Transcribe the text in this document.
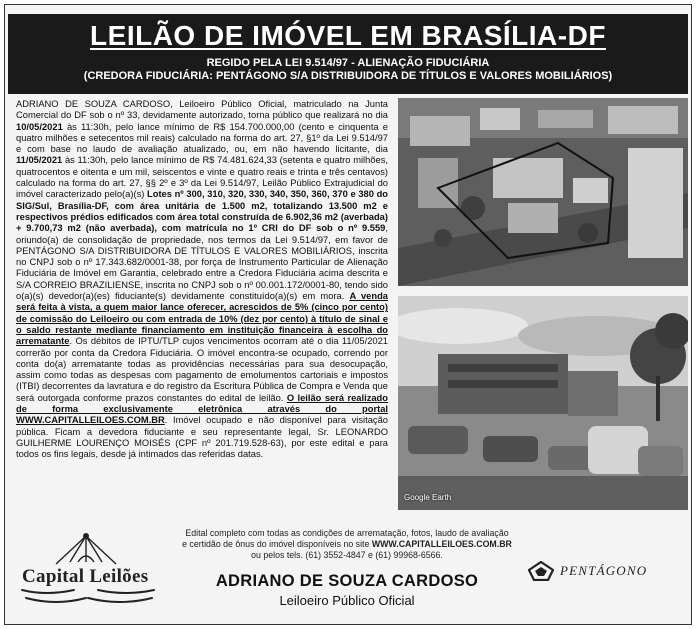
LEILÃO DE IMÓVEL EM BRASÍLIA-DF
REGIDO PELA LEI 9.514/97 - ALIENAÇÃO FIDUCIÁRIA
(CREDORA FIDUCIÁRIA: PENTÁGONO S/A DISTRIBUIDORA DE TÍTULOS E VALORES MOBILIÁRIOS)
ADRIANO DE SOUZA CARDOSO, Leiloeiro Público Oficial, matriculado na Junta Comercial do DF sob o nº 33, devidamente autorizado, torna público que realizará no dia 10/05/2021 às 11:30h, pelo lance mínimo de R$ 154.700.000,00 (cento e cinquenta e quatro milhões e setecentos mil reais) calculado na forma do art. 27, §1º da Lei 9.514/97 e com base no laudo de avaliação atualizado, ou, em não havendo licitante, dia 11/05/2021 às 11:30h, pelo lance mínimo de R$ 74.481.624,33 (setenta e quatro milhões, quatrocentos e oitenta e um mil, seiscentos e vinte e quatro reais e trinta e três centavos) calculado na forma do art. 27, §§ 2º e 3º da Lei 9.514/97, Leilão Público Extrajudicial do imóvel caracterizado pelo(a)(s) Lotes nº 300, 310, 320, 330, 340, 350, 360, 370 e 380 do SIG/Sul, Brasília-DF, com área unitária de 1.500 m2, totalizando 13.500 m2 e respectivos prédios edificados com área total construída de 6.902,36 m2 (averbada) + 9.700,73 m2 (não averbada), com matrícula no 1º CRI do DF sob o nº 9.559, oriundo(a) de consolidação de propriedade, nos termos da Lei 9.514/97, em favor de PENTÁGONO S/A DISTRIBUIDORA DE TÍTULOS E VALORES MOBILIÁRIOS, inscrita no CNPJ sob o nº 17.343.682/0001-38, por força de Instrumento Particular de Alienação Fiduciária de Imóvel em Garantia, celebrado entre a Credora Fiduciária acima descrita e S/A CORREIO BRAZILIENSE, inscrita no CNPJ sob o nº 00.001.172/0001-80, tendo sido o(a)(s) devedor(a)(es) fiduciante(s) devidamente constituído(a)(s) em mora. A venda será feita à vista, a quem maior lance oferecer, acrescidos de 5% (cinco por cento) de comissão do Leiloeiro ou com entrada de 10% (dez por cento) à título de sinal e o saldo restante mediante financiamento em instituição financeira à escolha do arrematante. Os débitos de IPTU/TLP cujos vencimentos ocorram até o dia 11/05/2021 correrão por conta da Credora Fiduciária. O imóvel encontra-se ocupado, correndo por conta do(a) arrematante todas as providências necessárias para sua desocupação, assim como todas as despesas com pagamento de emolumentos cartoriais e impostos (ITBI) decorrentes da lavratura e do registro da Escritura Pública de Compra e Venda que será outorgada conforme prazos constantes do edital de leilão. O leilão será realizado de forma exclusivamente eletrônica através do portal WWW.CAPITALLEILOES.COM.BR. Imóvel ocupado e não disponível para visitação pública. Ficam a devedora fiduciante e seu representante legal, Sr. LEONARDO GUILHERME LOURENÇO MOISÉS (CPF nº 201.719.528-63), por este edital e para todos os fins legais, desde já intimados das referidas datas.
Google Earth
Capital Leilões
Edital completo com todas as condições de arrematação, fotos, laudo de avaliação e certidão de ônus do imóvel disponíveis no site WWW.CAPITALLEILOES.COM.BR ou pelos tels. (61) 3552-4847 e (61) 99968-6566.
ADRIANO DE SOUZA CARDOSO
Leiloeiro Público Oficial
PENTÁGONO
